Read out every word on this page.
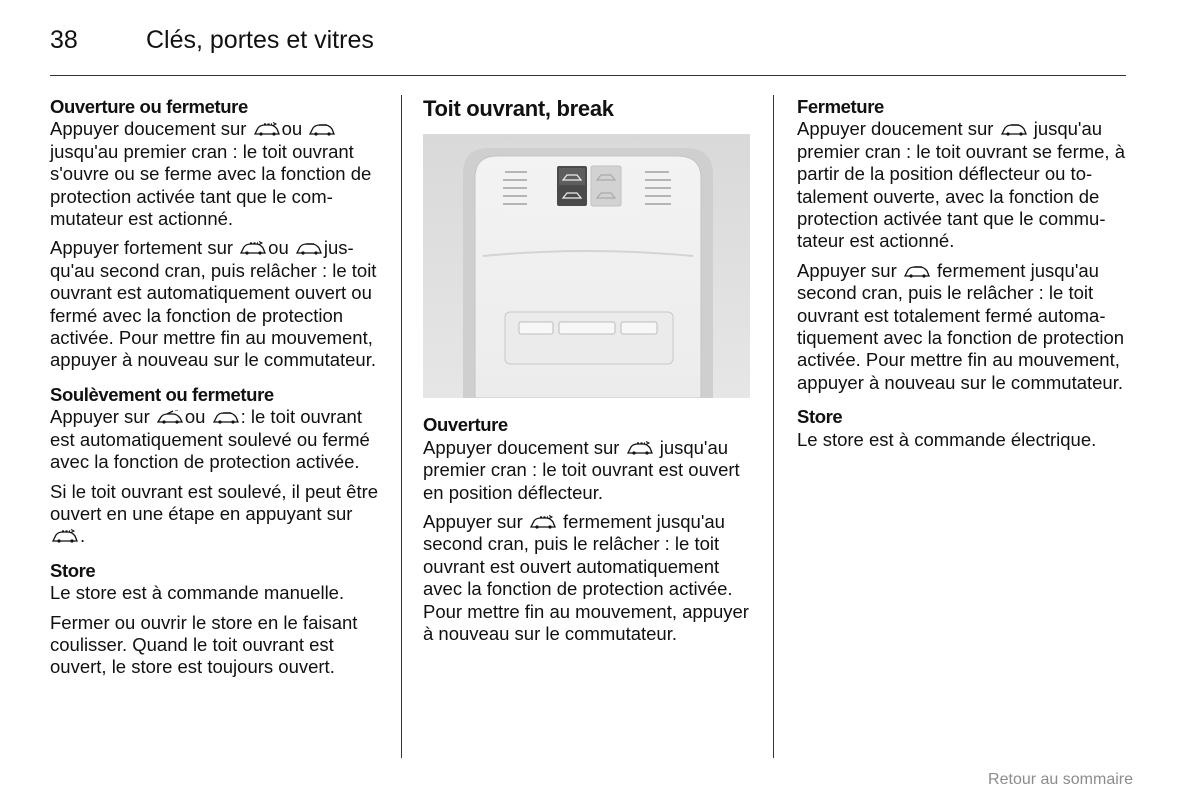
38	Clés, portes et vitres

Ouverture ou fermeture

Appuyer doucement sur ou  jusqu'au premier cran : le toit ouvrant s'ouvre ou se ferme avec la fonction de protection activée tant que le commutateur est actionné.

Appuyer fortement sur ou jusqu'au second cran, puis relâcher : le toit ouvrant est automatiquement ouvert ou fermé avec la fonction de protection activée. Pour mettre fin au mouvement, appuyer à nouveau sur le commutateur.

Soulèvement ou fermeture

Appuyer sur ou : le toit ouvrant est automatiquement soulevé ou fermé avec la fonction de protection activée.

Si le toit ouvrant est soulevé, il peut être ouvert en une étape en appuyant sur .

Store

Le store est à commande manuelle.

Fermer ou ouvrir le store en le faisant coulisser. Quand le toit ouvrant est ouvert, le store est toujours ouvert.

Toit ouvrant, break

Ouverture

Appuyer doucement sur jusqu'au premier cran : le toit ouvrant est ouvert en position déflecteur.

Appuyer sur fermement jusqu'au second cran, puis le relâcher : le toit ouvrant est ouvert automatiquement avec la fonction de protection activée. Pour mettre fin au mouvement, appuyer à nouveau sur le commutateur.

Fermeture

Appuyer doucement sur jusqu'au premier cran : le toit ouvrant se ferme, à partir de la position déflecteur ou totalement ouverte, avec la fonction de protection activée tant que le commutateur est actionné.

Appuyer sur fermement jusqu'au second cran, puis le relâcher : le toit ouvrant est totalement fermé automatiquement avec la fonction de protection activée. Pour mettre fin au mouvement, appuyer à nouveau sur le commutateur.

Store

Le store est à commande électrique.

Retour au sommaire
